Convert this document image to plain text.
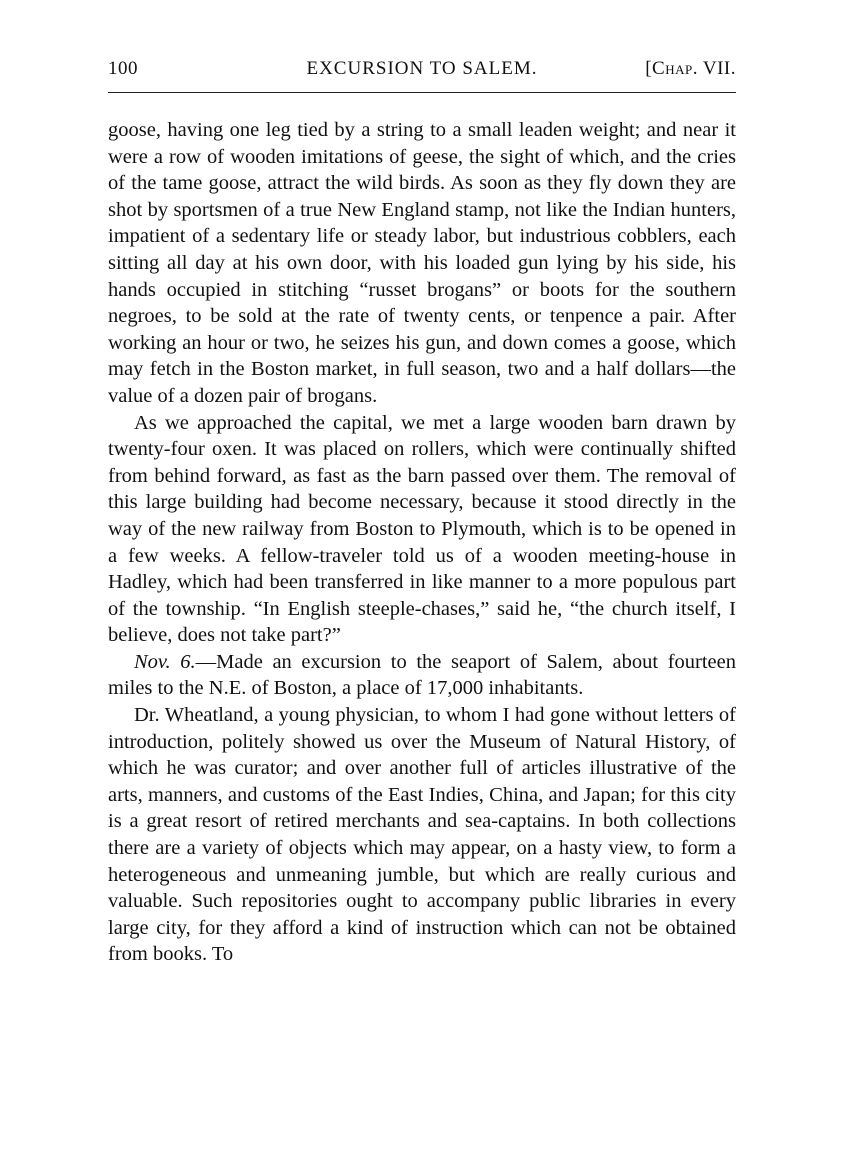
100	EXCURSION TO SALEM.	[Chap. VII.

goose, having one leg tied by a string to a small leaden weight; and near it were a row of wooden imitations of geese, the sight of which, and the cries of the tame goose, attract the wild birds. As soon as they fly down they are shot by sportsmen of a true New England stamp, not like the Indian hunters, impatient of a sedentary life or steady labor, but industrious cobblers, each sitting all day at his own door, with his loaded gun lying by his side, his hands occupied in stitching “russet brogans” or boots for the southern negroes, to be sold at the rate of twenty cents, or tenpence a pair. After working an hour or two, he seizes his gun, and down comes a goose, which may fetch in the Boston market, in full season, two and a half dollars—the value of a dozen pair of brogans.

As we approached the capital, we met a large wooden barn drawn by twenty-four oxen. It was placed on rollers, which were continually shifted from behind forward, as fast as the barn passed over them. The removal of this large building had become necessary, because it stood directly in the way of the new railway from Boston to Plymouth, which is to be opened in a few weeks. A fellow-traveler told us of a wooden meeting-house in Hadley, which had been transferred in like manner to a more populous part of the township. “In English steeple-chases,” said he, “the church itself, I believe, does not take part?”

Nov. 6.—Made an excursion to the seaport of Salem, about fourteen miles to the N.E. of Boston, a place of 17,000 inhabitants.

Dr. Wheatland, a young physician, to whom I had gone without letters of introduction, politely showed us over the Museum of Natural History, of which he was curator; and over another full of articles illustrative of the arts, manners, and customs of the East Indies, China, and Japan; for this city is a great resort of retired merchants and sea-captains. In both collections there are a variety of objects which may appear, on a hasty view, to form a heterogeneous and unmeaning jumble, but which are really curious and valuable. Such repositories ought to accompany public libraries in every large city, for they afford a kind of instruction which can not be obtained from books. To
